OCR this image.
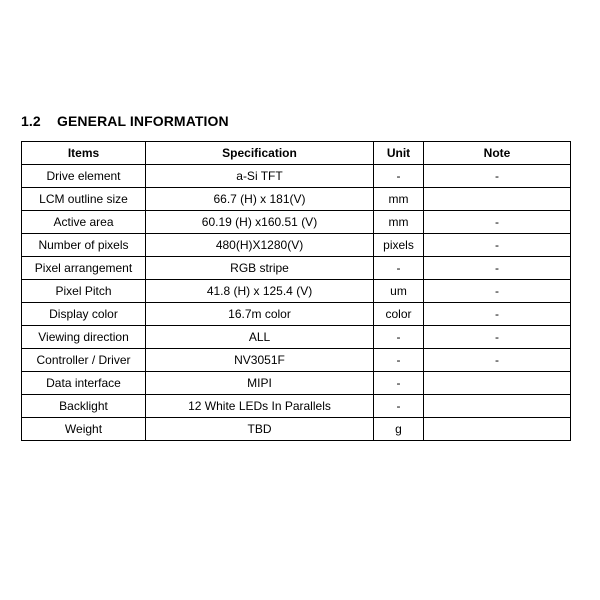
1.2 GENERAL INFORMATION
Items	Specification	Unit	Note
Drive element	a-Si TFT	-	-
LCM outline size	66.7 (H) x 181(V)	mm	
Active area	60.19 (H) x160.51 (V)	mm	-
Number of pixels	480(H)X1280(V)	pixels	-
Pixel arrangement	RGB stripe	-	-
Pixel Pitch	41.8 (H) x 125.4 (V)	um	-
Display color	16.7m color	color	-
Viewing direction	ALL	-	-
Controller / Driver	NV3051F	-	-
Data interface	MIPI	-	
Backlight	12 White LEDs In Parallels	-	
Weight	TBD	g	
